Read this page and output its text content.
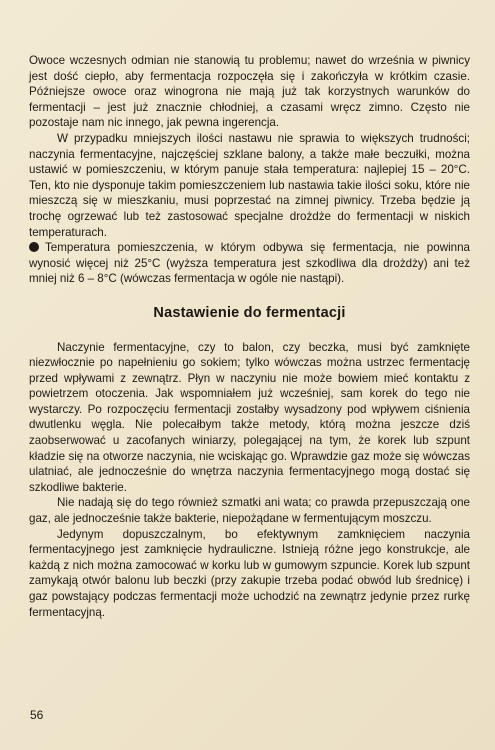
Owoce wczesnych odmian nie stanowią tu problemu; nawet do września w piwnicy jest dość ciepło, aby fermentacja rozpoczęła się i zakończyła w krótkim czasie. Późniejsze owoce oraz winogrona nie mają już tak korzystnych warunków do fermentacji – jest już znacznie chłodniej, a czasami wręcz zimno. Często nie pozostaje nam nic innego, jak pewna ingerencja.

W przypadku mniejszych ilości nastawu nie sprawia to większych trudności; naczynia fermentacyjne, najczęściej szklane balony, a także małe beczułki, można ustawić w pomieszczeniu, w którym panuje stała temperatura: najlepiej 15 – 20°C. Ten, kto nie dysponuje takim pomieszczeniem lub nastawia takie ilości soku, które nie mieszczą się w mieszkaniu, musi poprzestać na zimnej piwnicy. Trzeba będzie ją trochę ogrzewać lub też zastosować specjalne drożdże do fermentacji w niskich temperaturach.

Temperatura pomieszczenia, w którym odbywa się fermentacja, nie powinna wynosić więcej niż 25°C (wyższa temperatura jest szkodliwa dla drożdży) ani też mniej niż 6 – 8°C (wówczas fermentacja w ogóle nie nastąpi).

Nastawienie do fermentacji

Naczynie fermentacyjne, czy to balon, czy beczka, musi być zamknięte niezwłocznie po napełnieniu go sokiem; tylko wówczas można ustrzec fermentację przed wpływami z zewnątrz. Płyn w naczyniu nie może bowiem mieć kontaktu z powietrzem otoczenia. Jak wspomniałem już wcześniej, sam korek do tego nie wystarczy. Po rozpoczęciu fermentacji zostałby wysadzony pod wpływem ciśnienia dwutlenku węgla. Nie polecałbym także metody, którą można jeszcze dziś zaobserwować u zacofanych winiarzy, polegającej na tym, że korek lub szpunt kładzie się na otworze naczynia, nie wciskając go. Wprawdzie gaz może się wówczas ulatniać, ale jednocześnie do wnętrza naczynia fermentacyjnego mogą dostać się szkodliwe bakterie.

Nie nadają się do tego również szmatki ani wata; co prawda przepuszczają one gaz, ale jednocześnie także bakterie, niepożądane w fermentującym moszczu.

Jedynym dopuszczalnym, bo efektywnym zamknięciem naczynia fermentacyjnego jest zamknięcie hydrauliczne. Istnieją różne jego konstrukcje, ale każdą z nich można zamocować w korku lub w gumowym szpuncie. Korek lub szpunt zamykają otwór balonu lub beczki (przy zakupie trzeba podać obwód lub średnicę) i gaz powstający podczas fermentacji może uchodzić na zewnątrz jedynie przez rurkę fermentacyjną.

56
